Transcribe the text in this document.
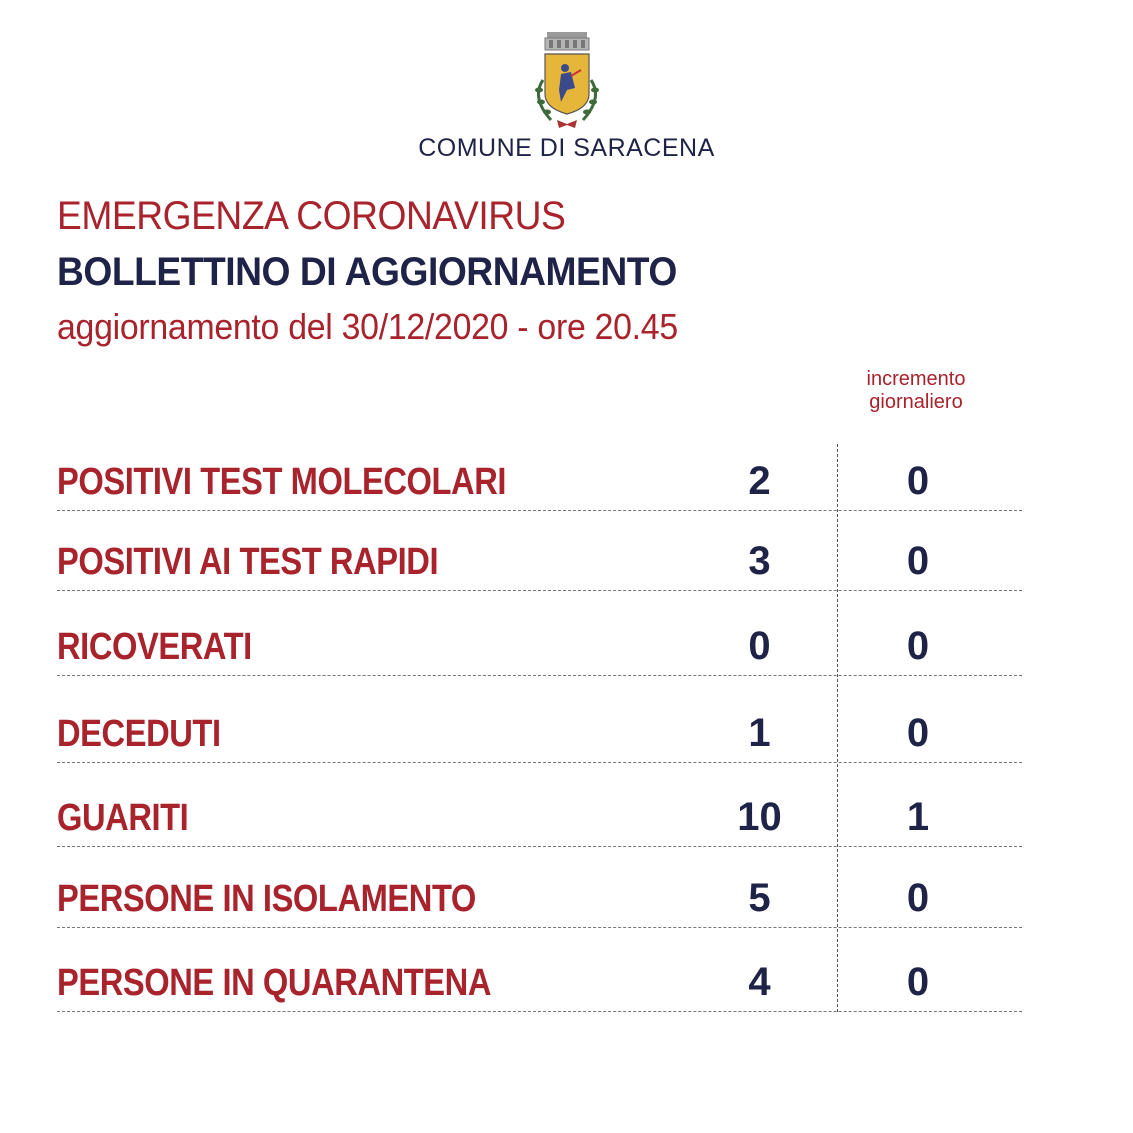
COMUNE DI SARACENA
EMERGENZA CORONAVIRUS
BOLLETTINO DI AGGIORNAMENTO
aggiornamento del 30/12/2020 - ore 20.45
incremento giornaliero
POSITIVI TEST MOLECOLARI	2	0
POSITIVI AI TEST RAPIDI	3	0
RICOVERATI	0	0
DECEDUTI	1	0
GUARITI	10	1
PERSONE IN ISOLAMENTO	5	0
PERSONE IN QUARANTENA	4	0
